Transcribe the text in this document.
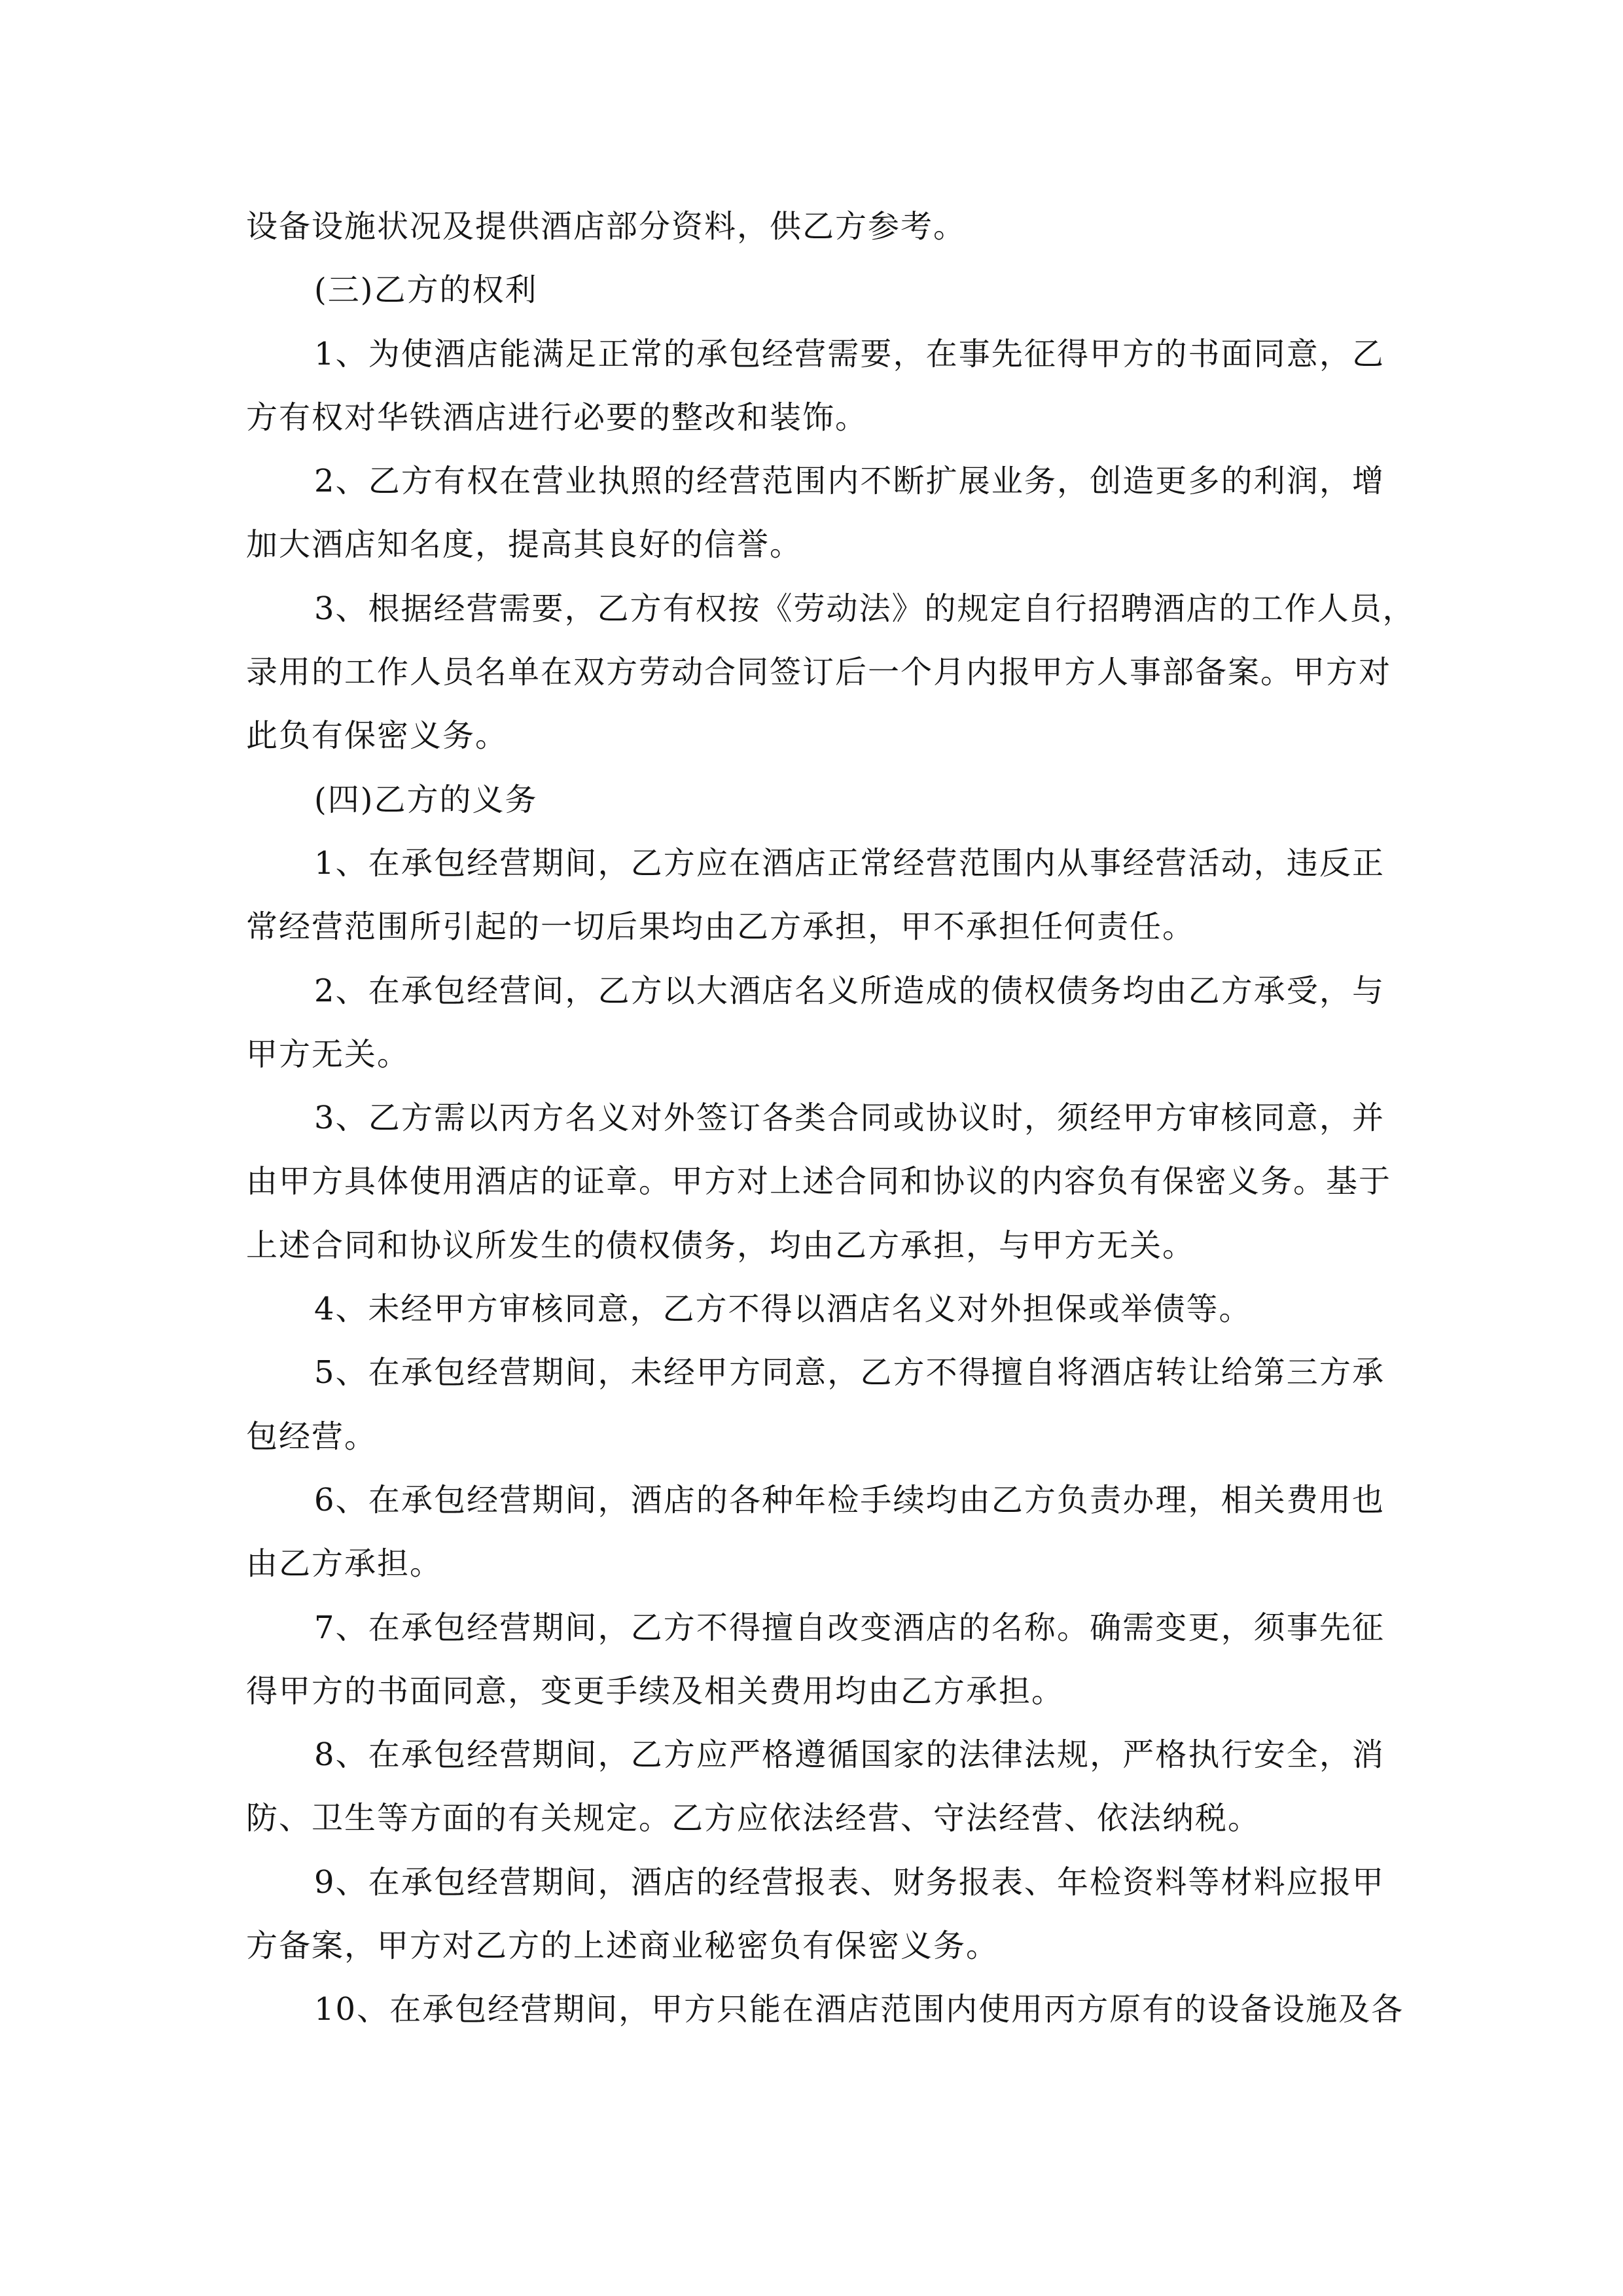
设备设施状况及提供酒店部分资料，供乙方参考。
(三)乙方的权利
1、为使酒店能满足正常的承包经营需要，在事先征得甲方的书面同意，乙
方有权对华铁酒店进行必要的整改和装饰。
2、乙方有权在营业执照的经营范围内不断扩展业务，创造更多的利润，增
加大酒店知名度，提高其良好的信誉。
3、根据经营需要，乙方有权按《劳动法》的规定自行招聘酒店的工作人员，
录用的工作人员名单在双方劳动合同签订后一个月内报甲方人事部备案。甲方对
此负有保密义务。
(四)乙方的义务
1、在承包经营期间，乙方应在酒店正常经营范围内从事经营活动，违反正
常经营范围所引起的一切后果均由乙方承担，甲不承担任何责任。
2、在承包经营间，乙方以大酒店名义所造成的债权债务均由乙方承受，与
甲方无关。
3、乙方需以丙方名义对外签订各类合同或协议时，须经甲方审核同意，并
由甲方具体使用酒店的证章。甲方对上述合同和协议的内容负有保密义务。基于
上述合同和协议所发生的债权债务，均由乙方承担，与甲方无关。
4、未经甲方审核同意，乙方不得以酒店名义对外担保或举债等。
5、在承包经营期间，未经甲方同意，乙方不得擅自将酒店转让给第三方承
包经营。
6、在承包经营期间，酒店的各种年检手续均由乙方负责办理，相关费用也
由乙方承担。
7、在承包经营期间，乙方不得擅自改变酒店的名称。确需变更，须事先征
得甲方的书面同意，变更手续及相关费用均由乙方承担。
8、在承包经营期间，乙方应严格遵循国家的法律法规，严格执行安全，消
防、卫生等方面的有关规定。乙方应依法经营、守法经营、依法纳税。
9、在承包经营期间，酒店的经营报表、财务报表、年检资料等材料应报甲
方备案，甲方对乙方的上述商业秘密负有保密义务。
10、在承包经营期间，甲方只能在酒店范围内使用丙方原有的设备设施及各
